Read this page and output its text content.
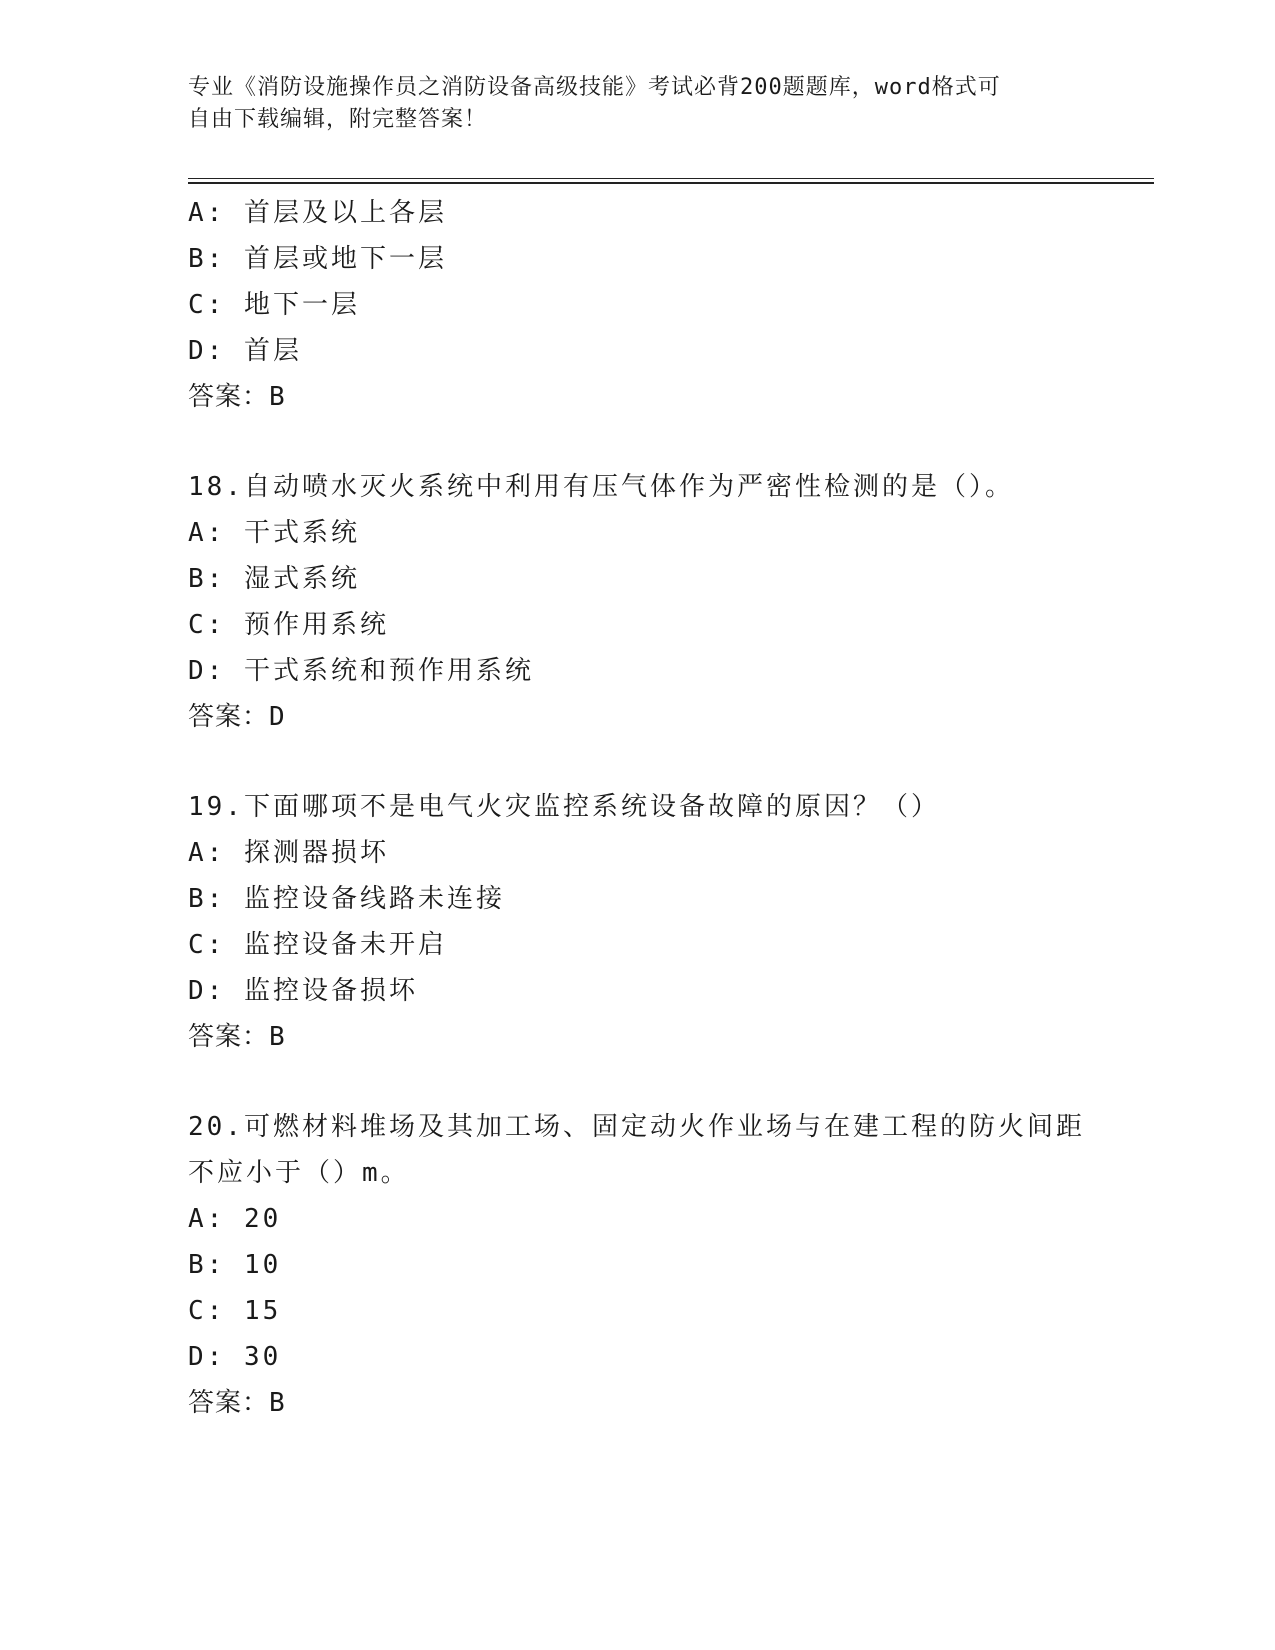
专业《消防设施操作员之消防设备高级技能》考试必背200题题库，word格式可
自由下载编辑，附完整答案！
A: 首层及以上各层
B: 首层或地下一层
C: 地下一层
D: 首层
答案：B
18.自动喷水灭火系统中利用有压气体作为严密性检测的是（）。
A: 干式系统
B: 湿式系统
C: 预作用系统
D: 干式系统和预作用系统
答案：D
19.下面哪项不是电气火灾监控系统设备故障的原因？（）
A: 探测器损坏
B: 监控设备线路未连接
C: 监控设备未开启
D: 监控设备损坏
答案：B
20.可燃材料堆场及其加工场、固定动火作业场与在建工程的防火间距
不应小于（）m。
A: 20
B: 10
C: 15
D: 30
答案：B
